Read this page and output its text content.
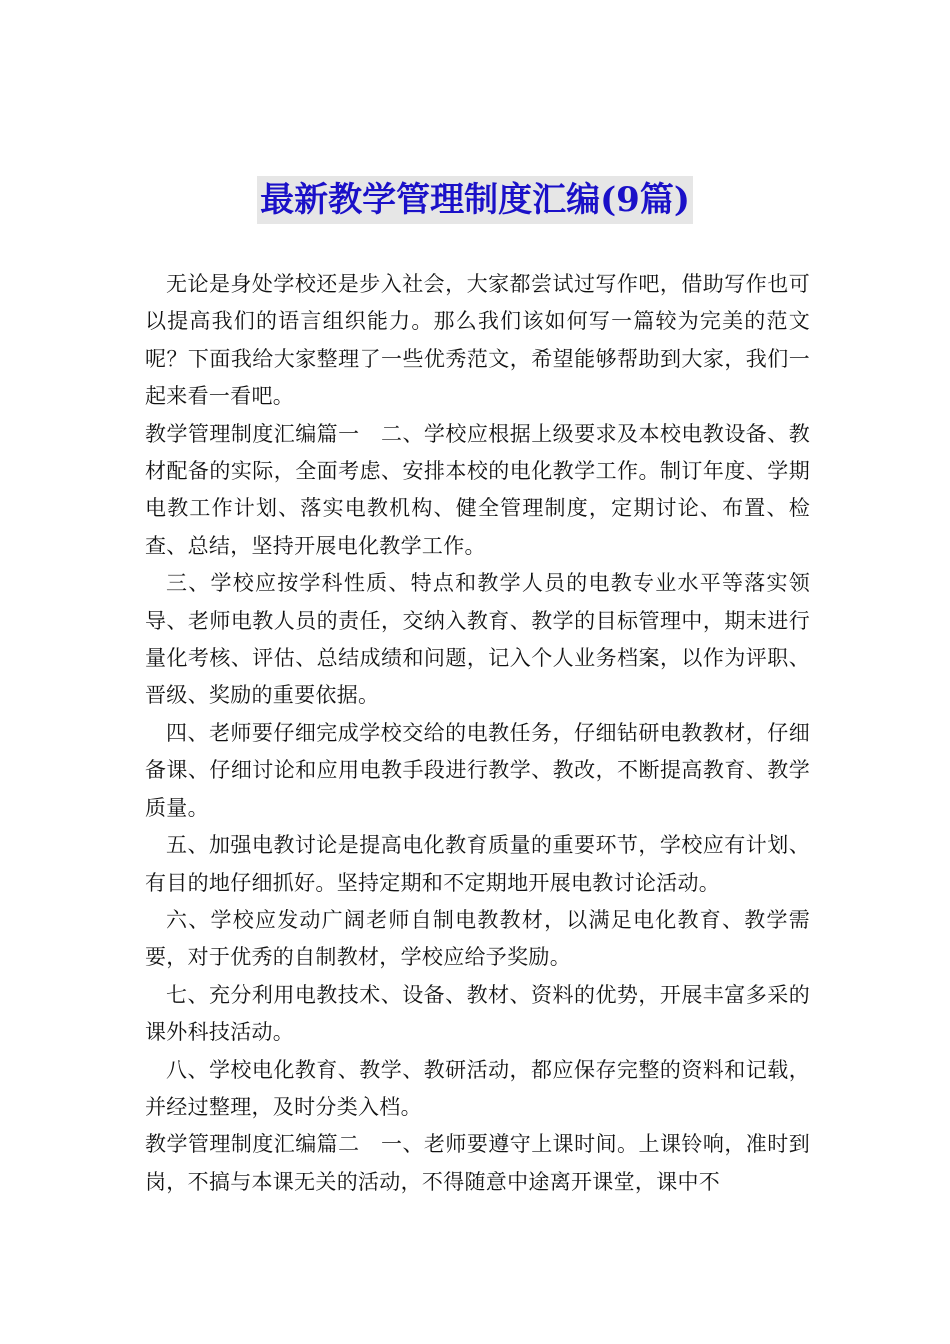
最新教学管理制度汇编(9篇)

无论是身处学校还是步入社会，大家都尝试过写作吧，借助写作也可以提高我们的语言组织能力。那么我们该如何写一篇较为完美的范文呢？下面我给大家整理了一些优秀范文，希望能够帮助到大家，我们一起来看一看吧。

教学管理制度汇编篇一　二、学校应根据上级要求及本校电教设备、教材配备的实际，全面考虑、安排本校的电化教学工作。制订年度、学期电教工作计划、落实电教机构、健全管理制度，定期讨论、布置、检查、总结，坚持开展电化教学工作。

三、学校应按学科性质、特点和教学人员的电教专业水平等落实领导、老师电教人员的责任，交纳入教育、教学的目标管理中，期末进行量化考核、评估、总结成绩和问题，记入个人业务档案，以作为评职、晋级、奖励的重要依据。

四、老师要仔细完成学校交给的电教任务，仔细钻研电教教材，仔细备课、仔细讨论和应用电教手段进行教学、教改，不断提高教育、教学质量。

五、加强电教讨论是提高电化教育质量的重要环节，学校应有计划、有目的地仔细抓好。坚持定期和不定期地开展电教讨论活动。

六、学校应发动广阔老师自制电教教材，以满足电化教育、教学需要，对于优秀的自制教材，学校应给予奖励。

七、充分利用电教技术、设备、教材、资料的优势，开展丰富多采的课外科技活动。

八、学校电化教育、教学、教研活动，都应保存完整的资料和记载，并经过整理，及时分类入档。

教学管理制度汇编篇二　一、老师要遵守上课时间。上课铃响，准时到岗，不搞与本课无关的活动，不得随意中途离开课堂，课中不
